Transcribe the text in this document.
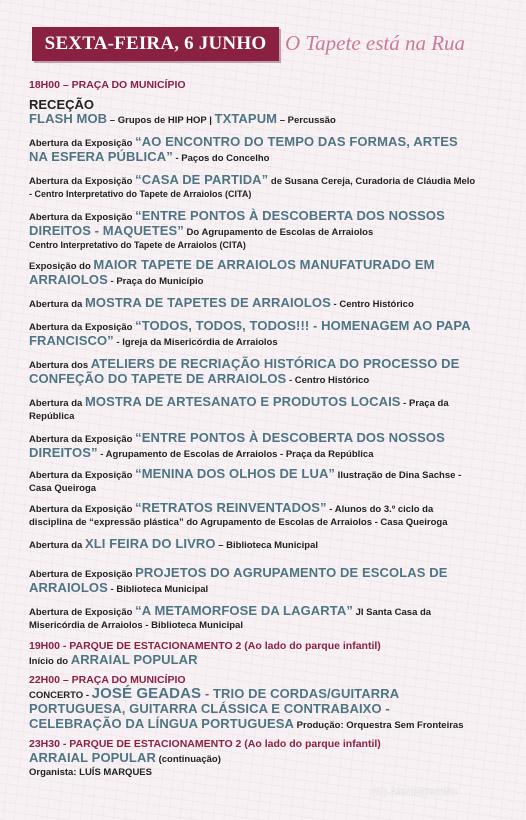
SEXTA-FEIRA, 6 JUNHO O Tapete está na Rua
18H00 – PRAÇA DO MUNICÍPIO
RECEÇÃO
FLASH MOB – Grupos de HIP HOP | TXTAPUM – Percussão
Abertura da Exposição “AO ENCONTRO DO TEMPO DAS FORMAS, ARTES NA ESFERA PÚBLICA” - Paços do Concelho
Abertura da Exposição “CASA DE PARTIDA” de Susana Cereja, Curadoria de Cláudia Melo - Centro Interpretativo do Tapete de Arraiolos (CITA)
Abertura da Exposição “ENTRE PONTOS À DESCOBERTA DOS NOSSOS DIREITOS - MAQUETES” Do Agrupamento de Escolas de Arraiolos
Centro Interpretativo do Tapete de Arraiolos (CITA)
Exposição do MAIOR TAPETE DE ARRAIOLOS MANUFATURADO EM ARRAIOLOS - Praça do Município
Abertura da MOSTRA DE TAPETES DE ARRAIOLOS - Centro Histórico
Abertura da Exposição “TODOS, TODOS, TODOS!!! - HOMENAGEM AO PAPA FRANCISCO” - Igreja da Misericórdia de Arraiolos
Abertura dos ATELIERS DE RECRIAÇÃO HISTÓRICA DO PROCESSO DE CONFEÇÃO DO TAPETE DE ARRAIOLOS - Centro Histórico
Abertura da MOSTRA DE ARTESANATO E PRODUTOS LOCAIS - Praça da República
Abertura da Exposição “ENTRE PONTOS À DESCOBERTA DOS NOSSOS DIREITOS” - Agrupamento de Escolas de Arraiolos - Praça da República
Abertura da Exposição “MENINA DOS OLHOS DE LUA” Ilustração de Dina Sachse - Casa Queiroga
Abertura da Exposição “RETRATOS REINVENTADOS” - Alunos do 3.º ciclo da disciplina de “expressão plástica” do Agrupamento de Escolas de Arraiolos - Casa Queiroga
Abertura da XLI FEIRA DO LIVRO – Biblioteca Municipal
Abertura de Exposição PROJETOS DO AGRUPAMENTO DE ESCOLAS DE ARRAIOLOS - Biblioteca Municipal
Abertura de Exposição “A METAMORFOSE DA LAGARTA” JI Santa Casa da Misericórdia de Arraiolos - Biblioteca Municipal
19H00 - PARQUE DE ESTACIONAMENTO 2 (Ao lado do parque infantil)
Início do ARRAIAL POPULAR
22H00 – PRAÇA DO MUNICÍPIO
CONCERTO - JOSÉ GEADAS - TRIO DE CORDAS/GUITARRA PORTUGUESA, GUITARRA CLÁSSICA E CONTRABAIXO - CELEBRAÇÃO DA LÍNGUA PORTUGUESA Produção: Orquestra Sem Fronteiras
23H30 - PARQUE DE ESTACIONAMENTO 2 (Ao lado do parque infantil)
ARRAIAL POPULAR (continuação)
Organista: LUÍS MARQUES
(C) Alentejoemfm
